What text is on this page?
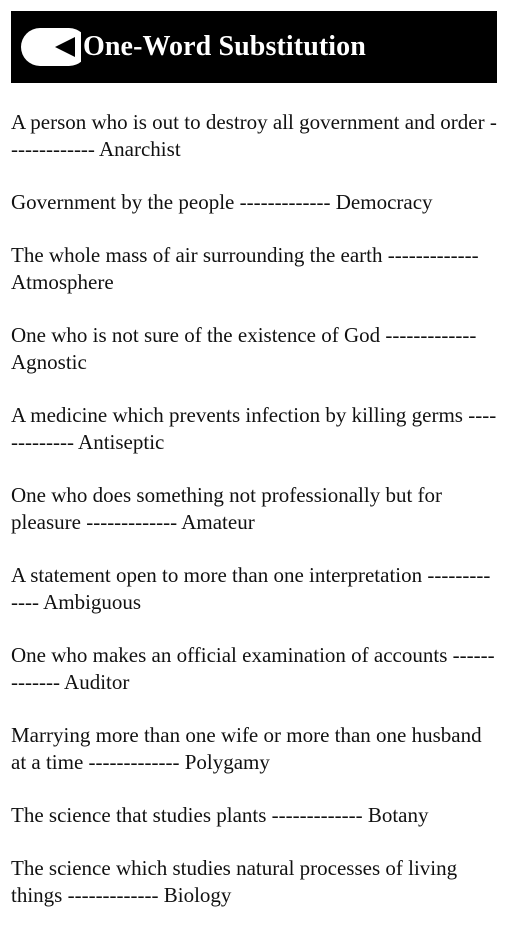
One-Word Substitution

A person who is out to destroy all government and order ------------- Anarchist

Government by the people ------------- Democracy

The whole mass of air surrounding the earth ------------- Atmosphere

One who is not sure of the existence of God ------------- Agnostic

A medicine which prevents infection by killing germs ------------- Antiseptic

One who does something not professionally but for pleasure ------------- Amateur

A statement open to more than one interpretation ------------- Ambiguous

One who makes an official examination of accounts ------------- Auditor

Marrying more than one wife or more than one husband at a time ------------- Polygamy

The science that studies plants ------------- Botany

The science which studies natural processes of living things ------------- Biology
